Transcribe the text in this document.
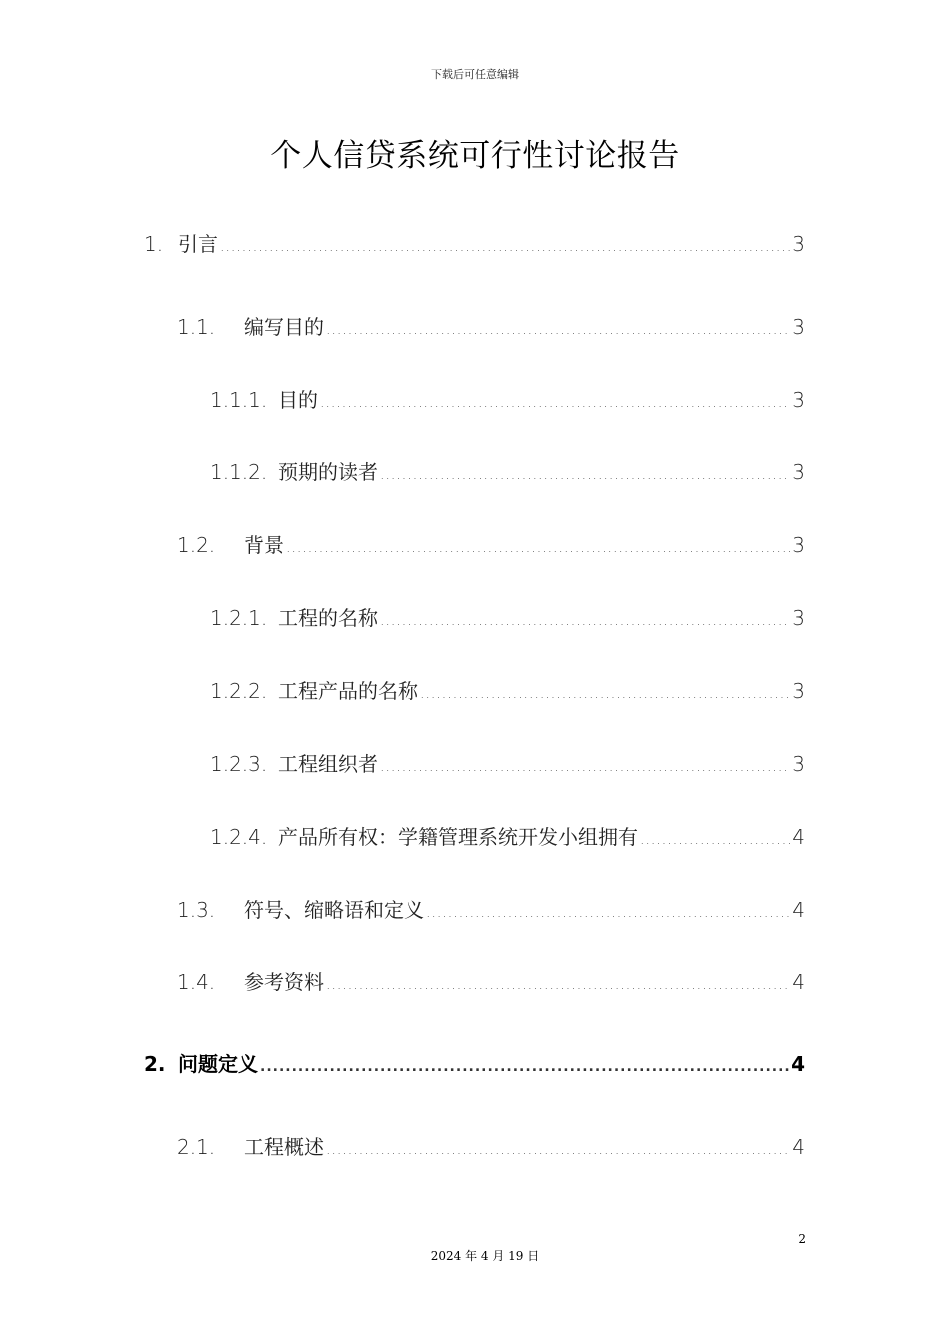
下载后可任意编辑
个人信贷系统可行性讨论报告
1. 引言 .....	3
1.1.	编写目的 .....	3
1.1.1. 目的 .....	3
1.1.2. 预期的读者 .....	3
1.2.	背景 .....	3
1.2.1. 工程的名称 .....	3
1.2.2. 工程产品的名称 .....	3
1.2.3. 工程组织者 .....	3
1.2.4. 产品所有权：学籍管理系统开发小组拥有 .....	4
1.3.	符号、缩略语和定义 .....	4
1.4.	参考资料 .....	4
2. 问题定义 .....	4
2.1.	工程概述 .....	4
2
2024 年 4 月 19 日
